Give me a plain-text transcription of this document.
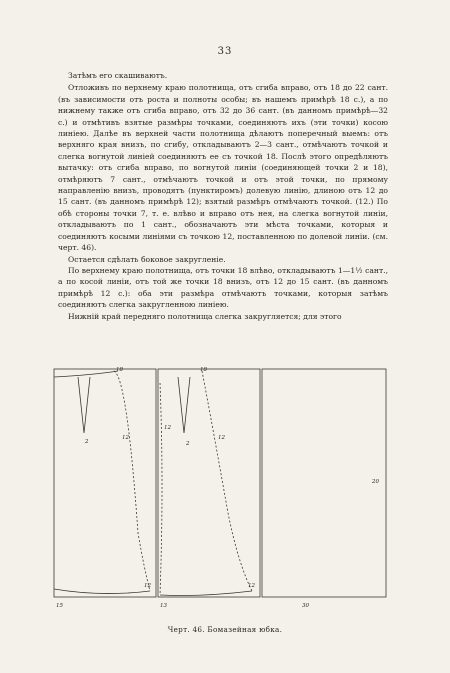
33

Затѣмъ его скашиваютъ.

Отложивъ по верхнему краю полотнища, отъ сгиба вправо, отъ 18 до 22 сант. (въ зависимости отъ роста и полноты особы; въ нашемъ примѣрѣ 18 с.), а по нижнему также отъ сгиба вправо, отъ 32 до 36 сант. (въ данномъ примѣрѣ—32 с.) и отмѣтивъ взятые размѣры точками, соединяютъ ихъ (эти точки) косою линіею. Далѣе въ верхней части полотнища дѣлаютъ поперечный выемъ: отъ верхняго края внизъ, по сгибу, откладываютъ 2—3 сант., отмѣчаютъ точкой и слегка вогнутой линіей соединяютъ ее съ точкой 18. Послѣ этого опредѣляютъ вытачку: отъ сгиба вправо, по вогнутой линіи (соединяющей точки 2 и 18), отмѣряютъ 7 сант., отмѣчаютъ точкой и отъ этой точки, по прямому направленію внизъ, проводятъ (пунктиромъ) долевую линію, длиною отъ 12 до 15 сант. (въ данномъ примѣрѣ 12); взятый размѣръ отмѣчаютъ точкой. (12.) По обѣ стороны точки 7, т. е. влѣво и вправо отъ нея, на слегка вогнутой линіи, откладываютъ по 1 сант., обозначаютъ эти мѣста точками, которыя и соединяютъ косыми линіями съ точкою 12, поставленною по долевой линіи. (см. черт. 46).

Остается сдѣлать боковое закругленіе.

По верхнему краю полотнища, отъ точки 18 влѣво, откладываютъ 1—1½ сант., а по косой линіи, отъ той же точки 18 внизъ, отъ 12 до 15 сант. (въ данномъ примѣрѣ 12 с.): оба эти размѣра отмѣчаютъ точками, которыя затѣмъ соединяютъ слегка закругленною линіею.

Нижній край передняго полотнища слегка закругляется; для этого

18
2
12
12
15
18
2
12
12
12
13
20
30
Черт. 46. Бомазейная юбка.
